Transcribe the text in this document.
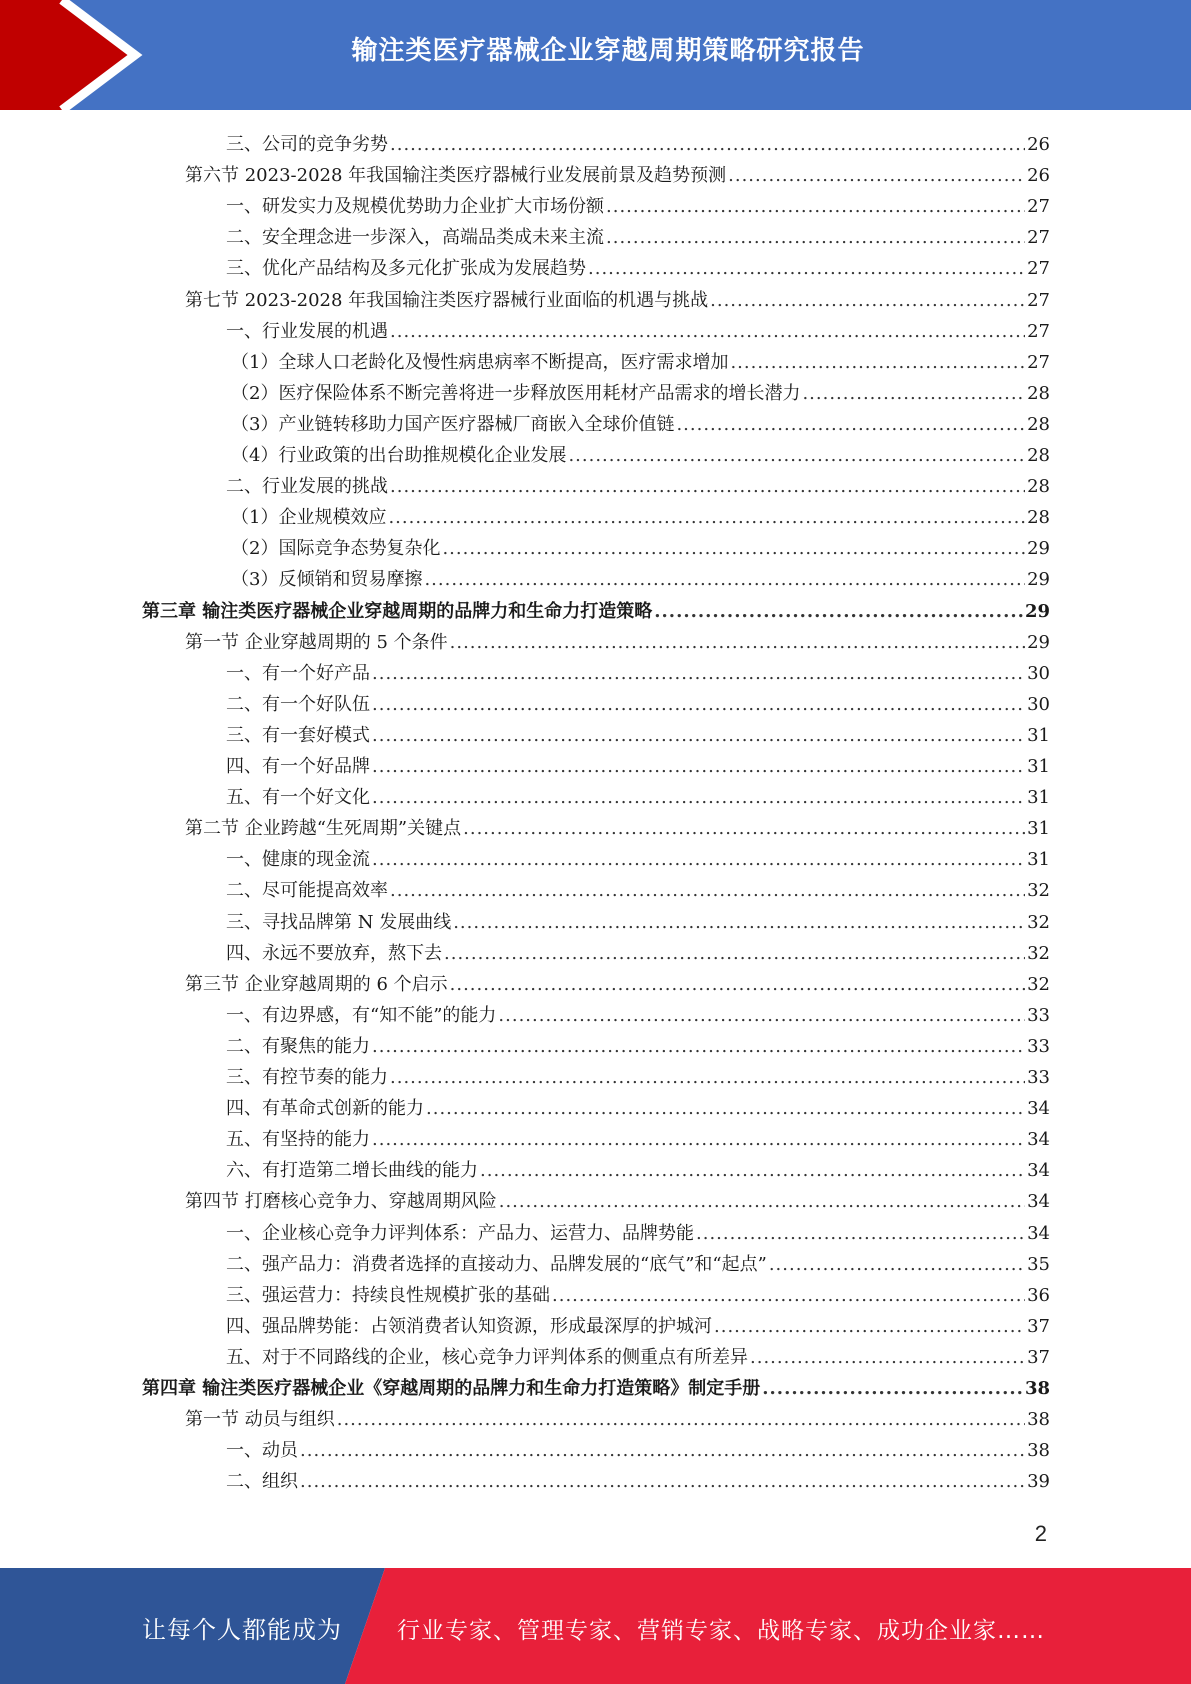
输注类医疗器械企业穿越周期策略研究报告
三、公司的竞争劣势 .....	26
第六节 2023-2028 年我国输注类医疗器械行业发展前景及趋势预测 .....	26
一、研发实力及规模优势助力企业扩大市场份额 .....	27
二、安全理念进一步深入，高端品类成未来主流 .....	27
三、优化产品结构及多元化扩张成为发展趋势 .....	27
第七节 2023-2028 年我国输注类医疗器械行业面临的机遇与挑战 .....	27
一、行业发展的机遇 .....	27
（1）全球人口老龄化及慢性病患病率不断提高，医疗需求增加 .....	27
（2）医疗保险体系不断完善将进一步释放医用耗材产品需求的增长潜力 .....	28
（3）产业链转移助力国产医疗器械厂商嵌入全球价值链 .....	28
（4）行业政策的出台助推规模化企业发展 .....	28
二、行业发展的挑战 .....	28
（1）企业规模效应 .....	28
（2）国际竞争态势复杂化 .....	29
（3）反倾销和贸易摩擦 .....	29
第三章 输注类医疗器械企业穿越周期的品牌力和生命力打造策略 .....	29
第一节 企业穿越周期的 5 个条件 .....	29
一、有一个好产品 .....	30
二、有一个好队伍 .....	30
三、有一套好模式 .....	31
四、有一个好品牌 .....	31
五、有一个好文化 .....	31
第二节 企业跨越“生死周期”关键点 .....	31
一、健康的现金流 .....	31
二、尽可能提高效率 .....	32
三、寻找品牌第 N 发展曲线 .....	32
四、永远不要放弃，熬下去 .....	32
第三节 企业穿越周期的 6 个启示 .....	32
一、有边界感，有“知不能”的能力 .....	33
二、有聚焦的能力 .....	33
三、有控节奏的能力 .....	33
四、有革命式创新的能力 .....	34
五、有坚持的能力 .....	34
六、有打造第二增长曲线的能力 .....	34
第四节 打磨核心竞争力、穿越周期风险 .....	34
一、企业核心竞争力评判体系：产品力、运营力、品牌势能 .....	34
二、强产品力：消费者选择的直接动力、品牌发展的“底气”和“起点” .....	35
三、强运营力：持续良性规模扩张的基础 .....	36
四、强品牌势能：占领消费者认知资源，形成最深厚的护城河 .....	37
五、对于不同路线的企业，核心竞争力评判体系的侧重点有所差异 .....	37
第四章 输注类医疗器械企业《穿越周期的品牌力和生命力打造策略》制定手册 .....	38
第一节 动员与组织 .....	38
一、动员 .....	38
二、组织 .....	39
2
让每个人都能成为 行业专家、管理专家、营销专家、战略专家、成功企业家……
